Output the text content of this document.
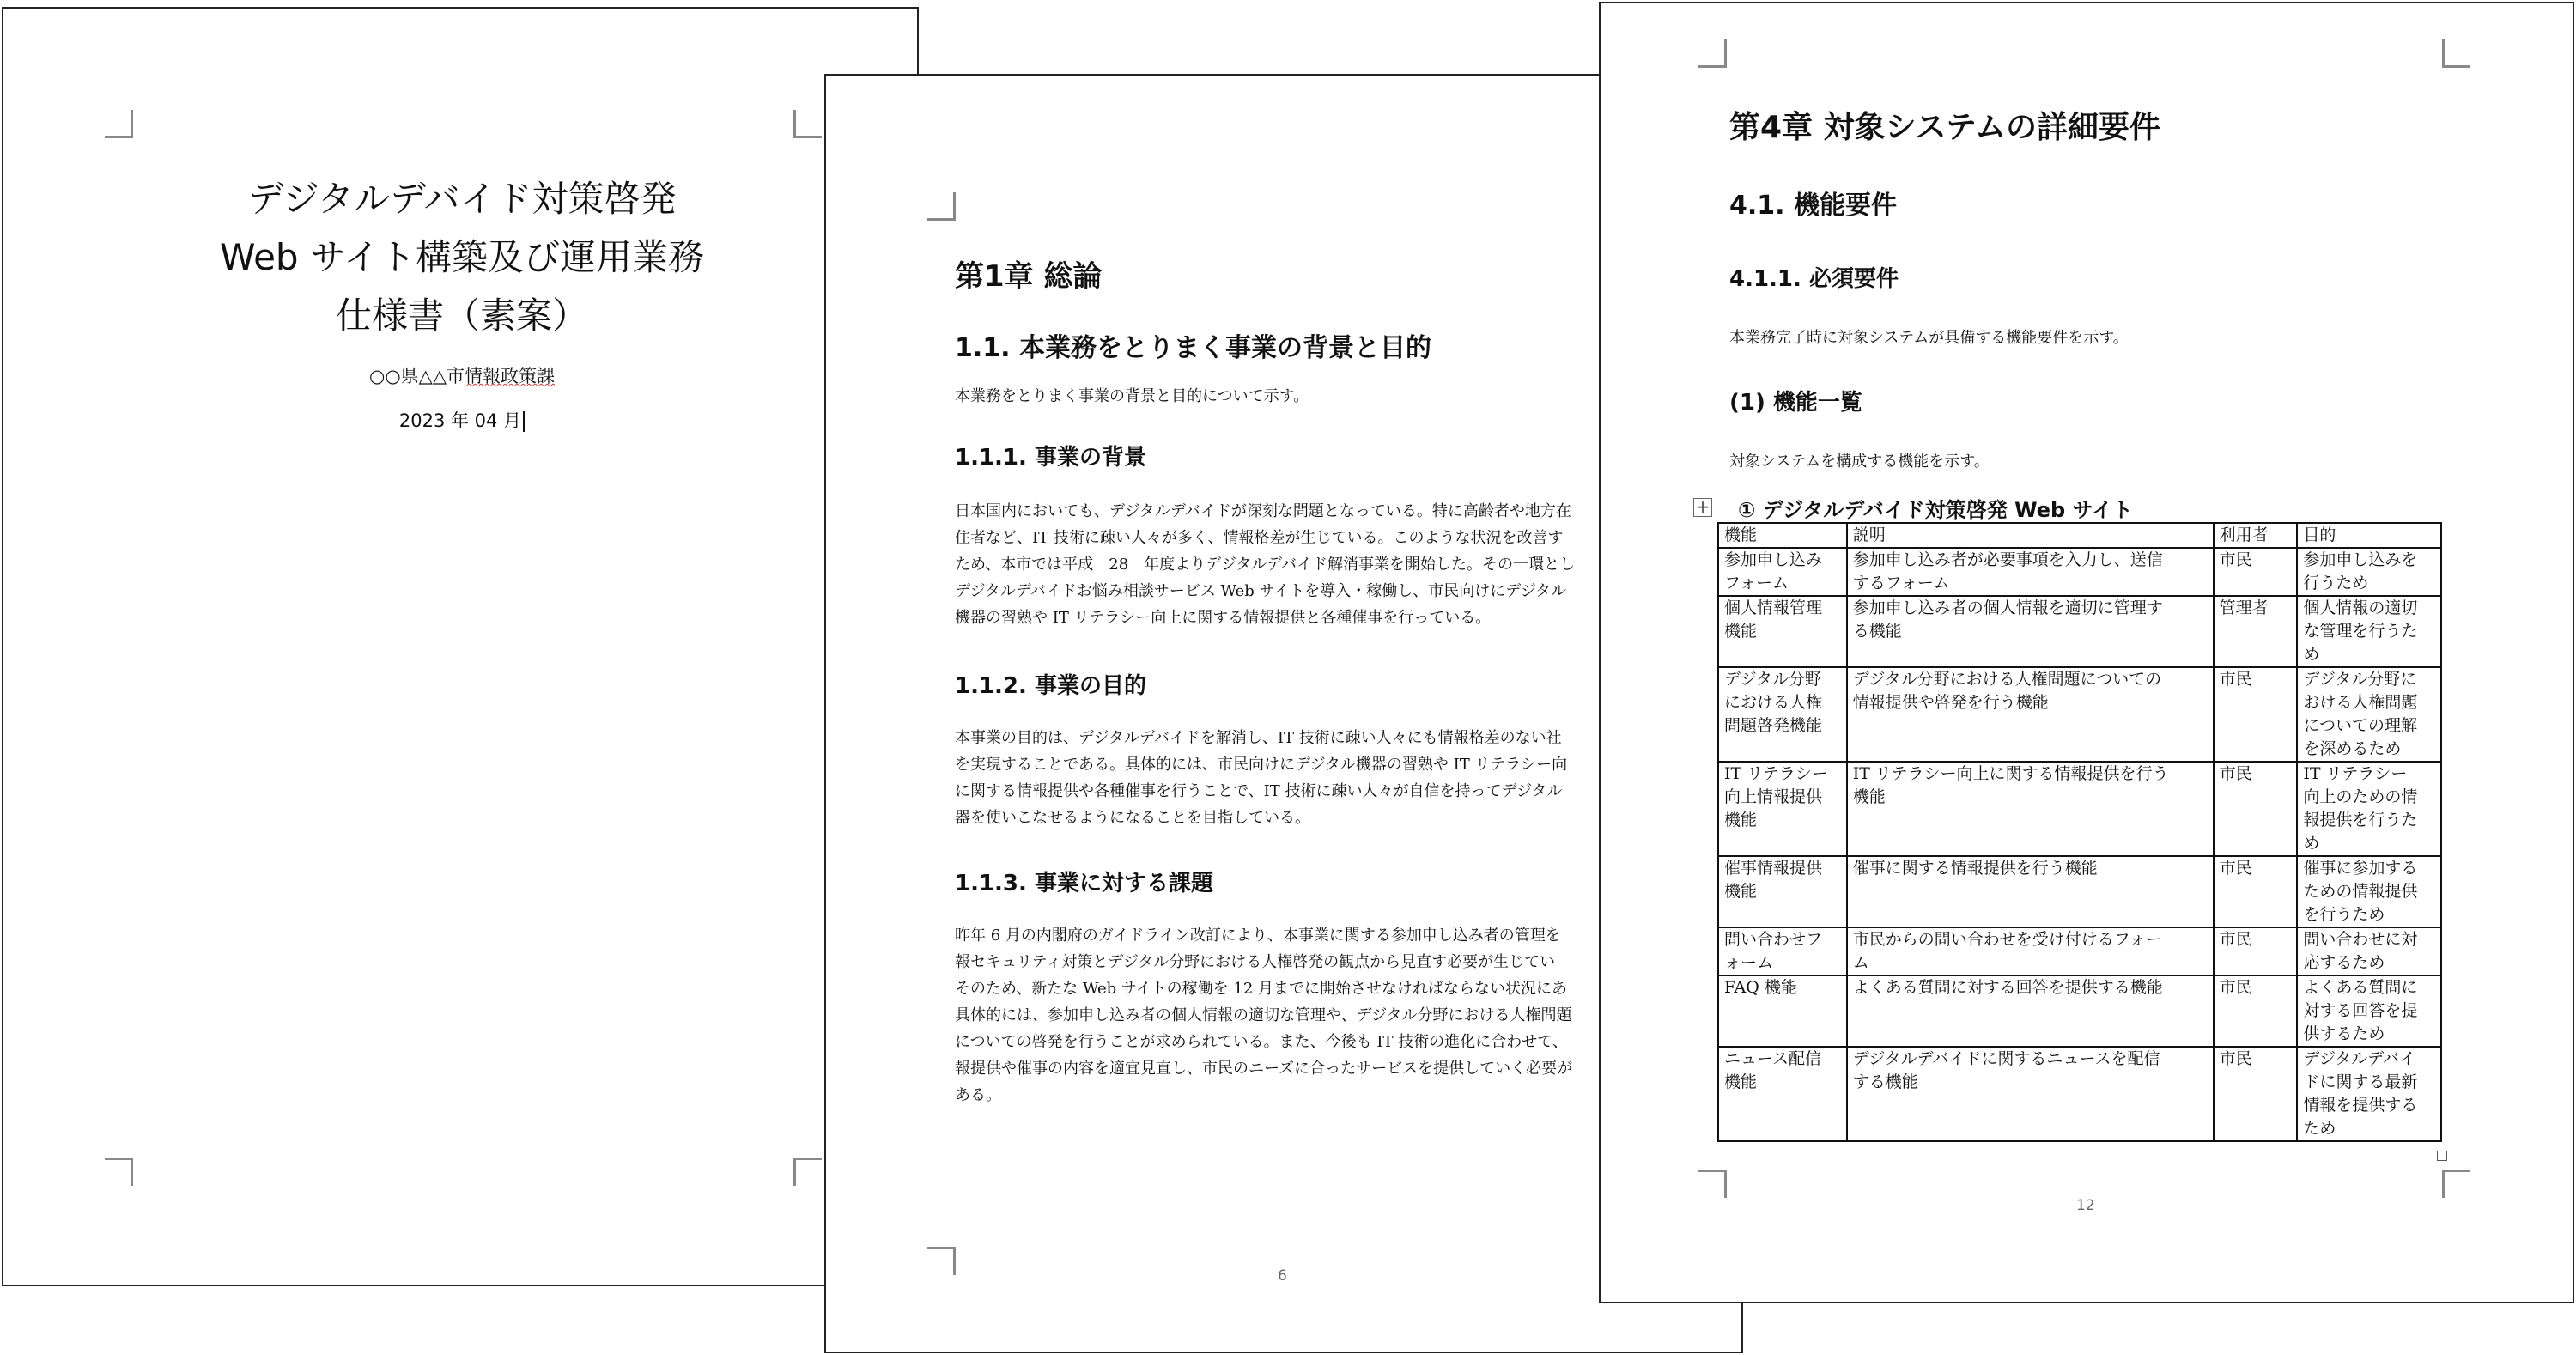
デジタルデバイド対策啓発
Web サイト構築及び運用業務
仕様書（素案）
○○県△△市情報政策課
2023 年 04 月
第1章 総論
1.1. 本業務をとりまく事業の背景と目的
本業務をとりまく事業の背景と目的について示す。
1.1.1. 事業の背景
日本国内においても、デジタルデバイドが深刻な問題となっている。特に高齢者や地方在
住者など、IT 技術に疎い人々が多く、情報格差が生じている。このような状況を改善す
ため、本市では平成　28　年度よりデジタルデバイド解消事業を開始した。その一環とし
デジタルデバイドお悩み相談サービス Web サイトを導入・稼働し、市民向けにデジタル
機器の習熟や IT リテラシー向上に関する情報提供と各種催事を行っている。
1.1.2. 事業の目的
本事業の目的は、デジタルデバイドを解消し、IT 技術に疎い人々にも情報格差のない社
を実現することである。具体的には、市民向けにデジタル機器の習熟や IT リテラシー向
に関する情報提供や各種催事を行うことで、IT 技術に疎い人々が自信を持ってデジタル
器を使いこなせるようになることを目指している。
1.1.3. 事業に対する課題
昨年 6 月の内閣府のガイドライン改訂により、本事業に関する参加申し込み者の管理を
報セキュリティ対策とデジタル分野における人権啓発の観点から見直す必要が生じてい
そのため、新たな Web サイトの稼働を 12 月までに開始させなければならない状況にあ
具体的には、参加申し込み者の個人情報の適切な管理や、デジタル分野における人権問題
についての啓発を行うことが求められている。また、今後も IT 技術の進化に合わせて、
報提供や催事の内容を適宜見直し、市民のニーズに合ったサービスを提供していく必要が
ある。
6
第4章 対象システムの詳細要件
4.1. 機能要件
4.1.1. 必須要件
本業務完了時に対象システムが具備する機能要件を示す。
(1) 機能一覧
対象システムを構成する機能を示す。
+ ① デジタルデバイド対策啓発 Web サイト
機能	説明	利用者	目的

参加申し込み
フォーム	参加申し込み者が必要事項を入力し、送信
するフォーム	市民	参加申し込みを
行うため

個人情報管理
機能	参加申し込み者の個人情報を適切に管理す
る機能	管理者	個人情報の適切
な管理を行うた
め

デジタル分野
における人権
問題啓発機能	デジタル分野における人権問題についての
情報提供や啓発を行う機能	市民	デジタル分野に
おける人権問題
についての理解
を深めるため

IT リテラシー
向上情報提供
機能	IT リテラシー向上に関する情報提供を行う
機能	市民	IT リテラシー
向上のための情
報提供を行うた
め

催事情報提供
機能	催事に関する情報提供を行う機能	市民	催事に参加する
ための情報提供
を行うため

問い合わせフ
ォーム	市民からの問い合わせを受け付けるフォー
ム	市民	問い合わせに対
応するため

FAQ 機能	よくある質問に対する回答を提供する機能	市民	よくある質問に
対する回答を提
供するため

ニュース配信
機能	デジタルデバイドに関するニュースを配信
する機能	市民	デジタルデバイ
ドに関する最新
情報を提供する
ため
12
